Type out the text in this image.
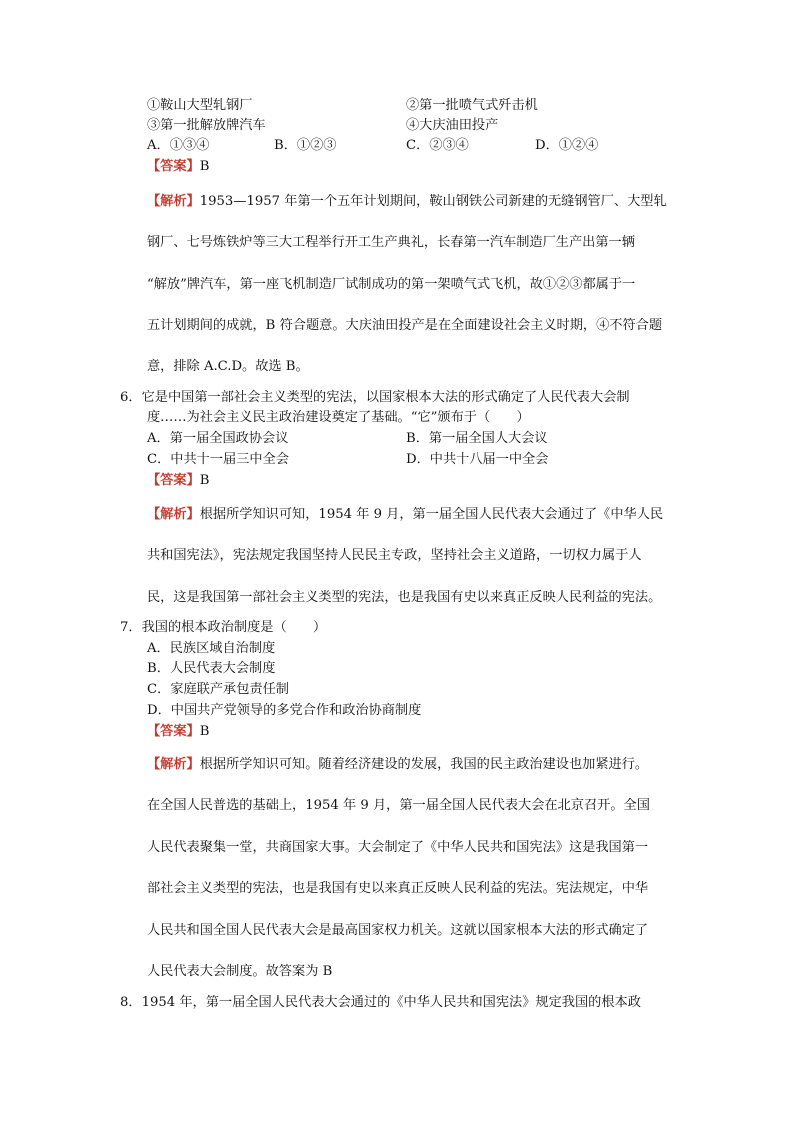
①鞍山大型轧钢厂	②第一批喷气式歼击机
③第一批解放牌汽车	④大庆油田投产
A．①③④	B．①②③	C．②③④	D．①②④
【答案】B
【解析】1953—1957 年第一个五年计划期间，鞍山钢铁公司新建的无缝钢管厂、大型轧
钢厂、七号炼铁炉等三大工程举行开工生产典礼，长春第一汽车制造厂生产出第一辆
“解放”牌汽车，第一座飞机制造厂试制成功的第一架喷气式飞机，故①②③都属于一
五计划期间的成就，B 符合题意。大庆油田投产是在全面建设社会主义时期，④不符合题
意，排除 A.C.D。故选 B。
6．它是中国第一部社会主义类型的宪法，以国家根本大法的形式确定了人民代表大会制
度……为社会主义民主政治建设奠定了基础。“它”颁布于（　　）
A．第一届全国政协会议	B．第一届全国人大会议
C．中共十一届三中全会	D．中共十八届一中全会
【答案】B
【解析】根据所学知识可知，1954 年 9 月，第一届全国人民代表大会通过了《中华人民
共和国宪法》，宪法规定我国坚持人民民主专政，坚持社会主义道路，一切权力属于人
民，这是我国第一部社会主义类型的宪法，也是我国有史以来真正反映人民利益的宪法。
7．我国的根本政治制度是（　　）
A．民族区域自治制度
B．人民代表大会制度
C．家庭联产承包责任制
D．中国共产党领导的多党合作和政治协商制度
【答案】B
【解析】根据所学知识可知。随着经济建设的发展，我国的民主政治建设也加紧进行。
在全国人民普选的基础上，1954 年 9 月，第一届全国人民代表大会在北京召开。全国
人民代表聚集一堂，共商国家大事。大会制定了《中华人民共和国宪法》这是我国第一
部社会主义类型的宪法，也是我国有史以来真正反映人民利益的宪法。宪法规定，中华
人民共和国全国人民代表大会是最高国家权力机关。这就以国家根本大法的形式确定了
人民代表大会制度。故答案为 B
8．1954 年，第一届全国人民代表大会通过的《中华人民共和国宪法》规定我国的根本政
